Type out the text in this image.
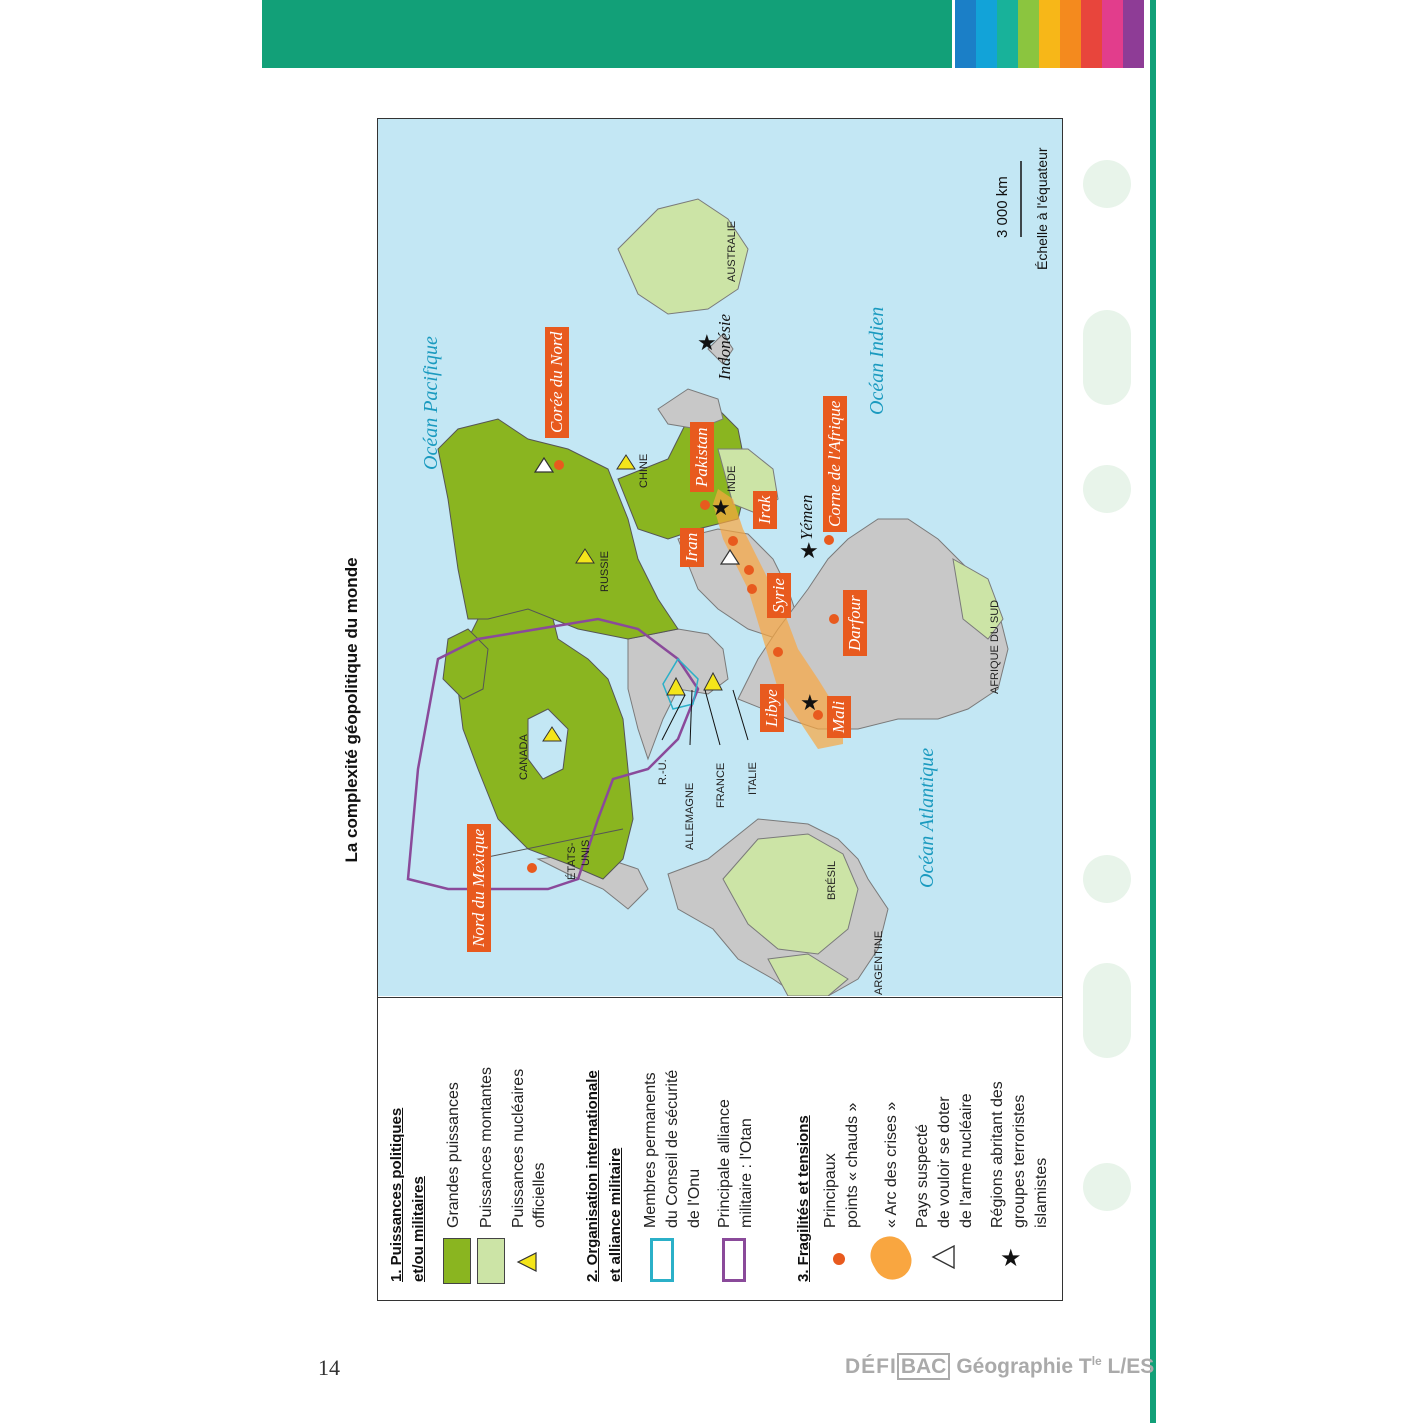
La complexité géopolitique du monde
★
★
★
★
Océan Pacifique	Océan Indien
Océan Atlantique
CANADA
ÉTATS- UNIS
RUSSIE
CHINE	INDE
AUSTRALIE
BRÉSIL
ARGENTINE
AFRIQUE DU SUD
R.-U.
ALLEMAGNE FRANCE ITALIE
Indonésie
Yémen
Nord du Mexique
Corée du Nord
Pakistan
Iran
Irak
Syrie
Libye	Mali
Darfour
Corne de l'Afrique
3 000 km Échelle à l'équateur
1. Puissances politiques et/ou militaires
Grandes puissances Puissances montantes Puissances nucléaires officielles 2. Organisation internationale et alliance militaire Membres permanents du Conseil de sécurité de l'Onu Principale alliance militaire : l'Otan	3. Fragilités et tensions Principaux points « chauds » « Arc des crises » Pays suspecté de vouloir se doter de l'arme nucléaire
★
Régions abritant des groupes terroristes islamistes
14	DÉFI BAC Géographie $T^{le}$ L/ES
